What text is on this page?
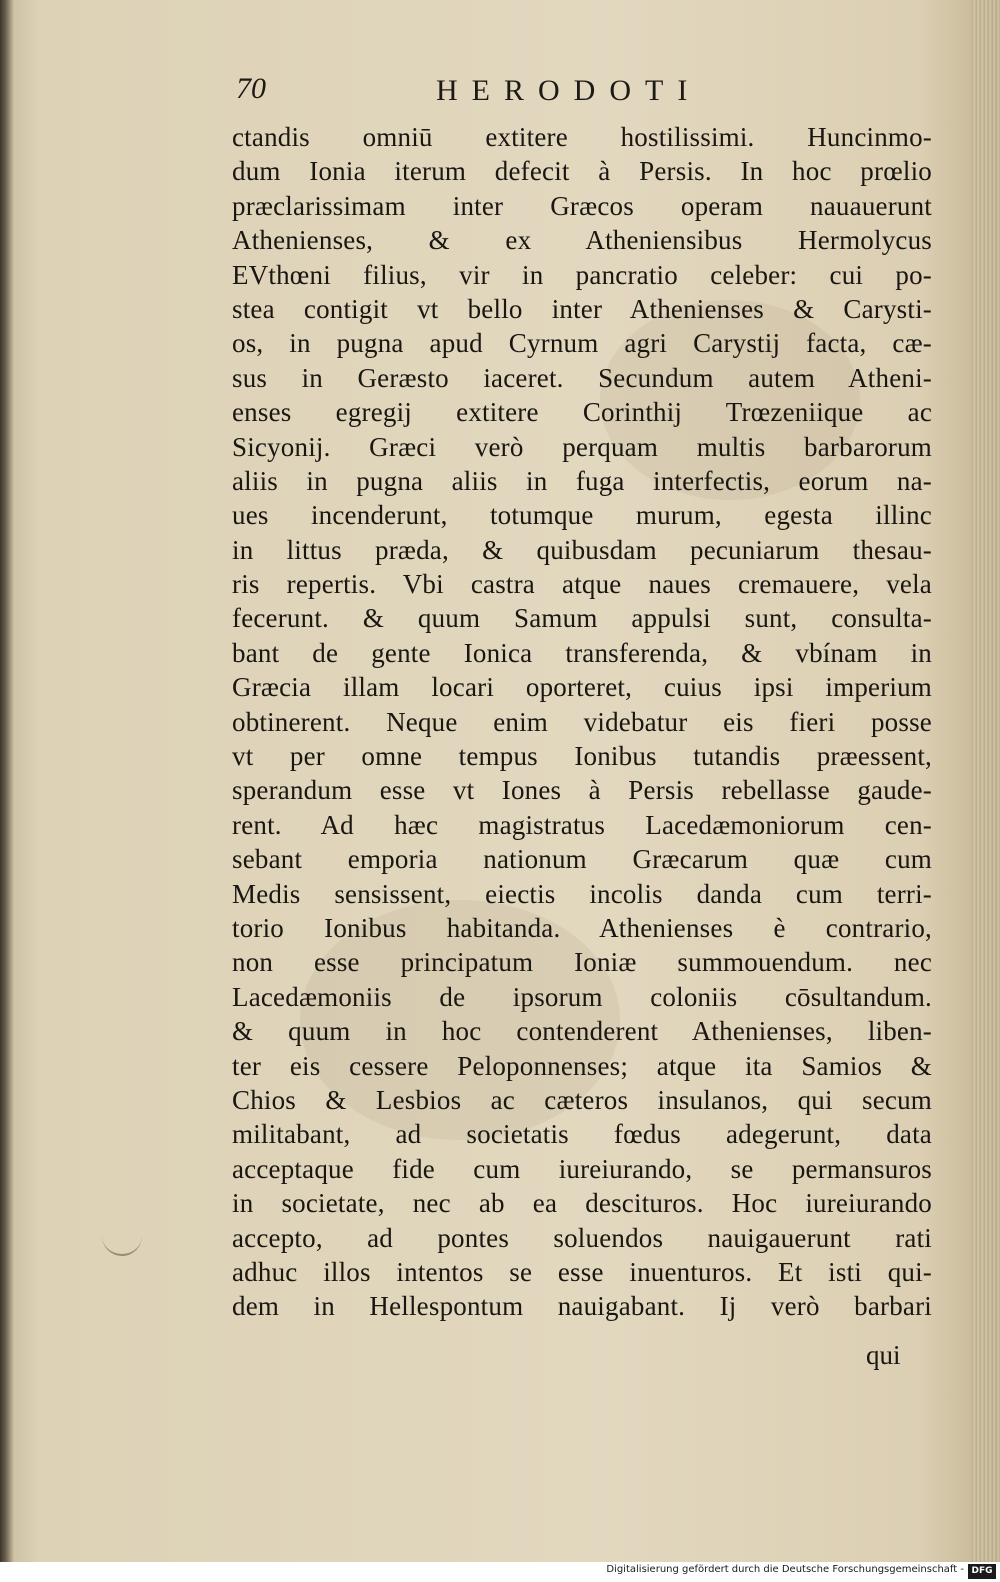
70	HERODOTI
ctandis omniū extitere hostilissimi. Huncinmo-
dum Ionia iterum defecit à Persis. In hoc prœlio
præclarissimam inter Græcos operam nauauerunt
Athenienses, & ex Atheniensibus Hermolycus
EVthœni filius, vir in pancratio celeber: cui po-
stea contigit vt bello inter Athenienses & Carysti-
os, in pugna apud Cyrnum agri Carystij facta, cæ-
sus in Geræsto iaceret. Secundum autem Atheni-
enses egregij extitere Corinthij Trœzeniique ac
Sicyonij. Græci verò perquam multis barbarorum
aliis in pugna aliis in fuga interfectis, eorum na-
ues incenderunt, totumque murum, egesta illinc
in littus præda, & quibusdam pecuniarum thesau-
ris repertis. Vbi castra atque naues cremauere, vela
fecerunt. & quum Samum appulsi sunt, consulta-
bant de gente Ionica transferenda, & vbínam in
Græcia illam locari oporteret, cuius ipsi imperium
obtinerent. Neque enim videbatur eis fieri posse
vt per omne tempus Ionibus tutandis præessent,
sperandum esse vt Iones à Persis rebellasse gaude-
rent. Ad hæc magistratus Lacedæmoniorum cen-
sebant emporia nationum Græcarum quæ cum
Medis sensissent, eiectis incolis danda cum terri-
torio Ionibus habitanda. Athenienses è contrario,
non esse principatum Ioniæ summouendum. nec
Lacedæmoniis de ipsorum coloniis cōsultandum.
& quum in hoc contenderent Athenienses, liben-
ter eis cessere Peloponnenses; atque ita Samios &
Chios & Lesbios ac cæteros insulanos, qui secum
militabant, ad societatis fœdus adegerunt, data
acceptaque fide cum iureiurando, se permansuros
in societate, nec ab ea descituros. Hoc iureiurando
accepto, ad pontes soluendos nauigauerunt rati
adhuc illos intentos se esse inuenturos. Et isti qui-
dem in Hellespontum nauigabant. Ij verò barbari
qui
Digitalisierung gefördert durch die Deutsche Forschungsgemeinschaft - DFG
